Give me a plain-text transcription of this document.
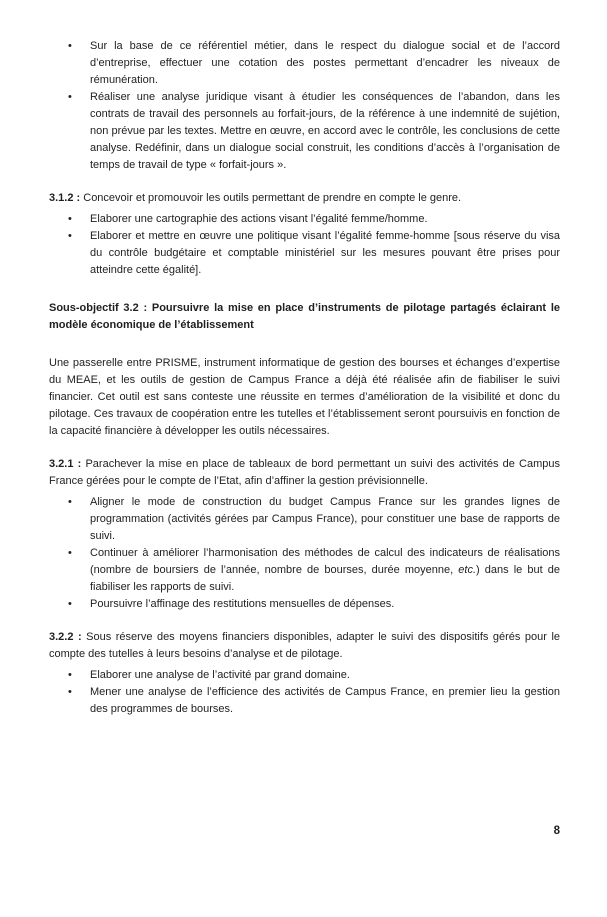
•	Sur la base de ce référentiel métier, dans le respect du dialogue social et de l’accord d’entreprise, effectuer une cotation des postes permettant d’encadrer les niveaux de rémunération.
•	Réaliser une analyse juridique visant à étudier les conséquences de l’abandon, dans les contrats de travail des personnels au forfait-jours, de la référence à une indemnité de sujétion, non prévue par les textes. Mettre en œuvre, en accord avec le contrôle, les conclusions de cette analyse. Redéfinir, dans un dialogue social construit, les conditions d’accès à l’organisation de temps de travail de type « forfait-jours ».

3.1.2 : Concevoir et promouvoir les outils permettant de prendre en compte le genre.

•	Elaborer une cartographie des actions visant l’égalité femme/homme.
•	Elaborer et mettre en œuvre une politique visant l’égalité femme-homme [sous réserve du visa du contrôle budgétaire et comptable ministériel sur les mesures pouvant être prises pour atteindre cette égalité].

Sous-objectif 3.2 : Poursuivre la mise en place d’instruments de pilotage partagés éclairant le modèle économique de l’établissement

Une passerelle entre PRISME, instrument informatique de gestion des bourses et échanges d’expertise du MEAE, et les outils de gestion de Campus France a déjà été réalisée afin de fiabiliser le suivi financier. Cet outil est sans conteste une réussite en termes d’amélioration de la visibilité et donc du pilotage. Ces travaux de coopération entre les tutelles et l’établissement seront poursuivis en fonction de la capacité financière à développer les outils nécessaires.

3.2.1 : Parachever la mise en place de tableaux de bord permettant un suivi des activités de Campus France gérées pour le compte de l’Etat, afin d’affiner la gestion prévisionnelle.

•	Aligner le mode de construction du budget Campus France sur les grandes lignes de programmation (activités gérées par Campus France), pour constituer une base de rapports de suivi.
•	Continuer à améliorer l’harmonisation des méthodes de calcul des indicateurs de réalisations (nombre de boursiers de l’année, nombre de bourses, durée moyenne, etc.) dans le but de fiabiliser les rapports de suivi.
•	Poursuivre l’affinage des restitutions mensuelles de dépenses.

3.2.2 : Sous réserve des moyens financiers disponibles, adapter le suivi des dispositifs gérés pour le compte des tutelles à leurs besoins d’analyse et de pilotage.

•	Elaborer une analyse de l’activité par grand domaine.
•	Mener une analyse de l’efficience des activités de Campus France, en premier lieu la gestion des programmes de bourses.
8
